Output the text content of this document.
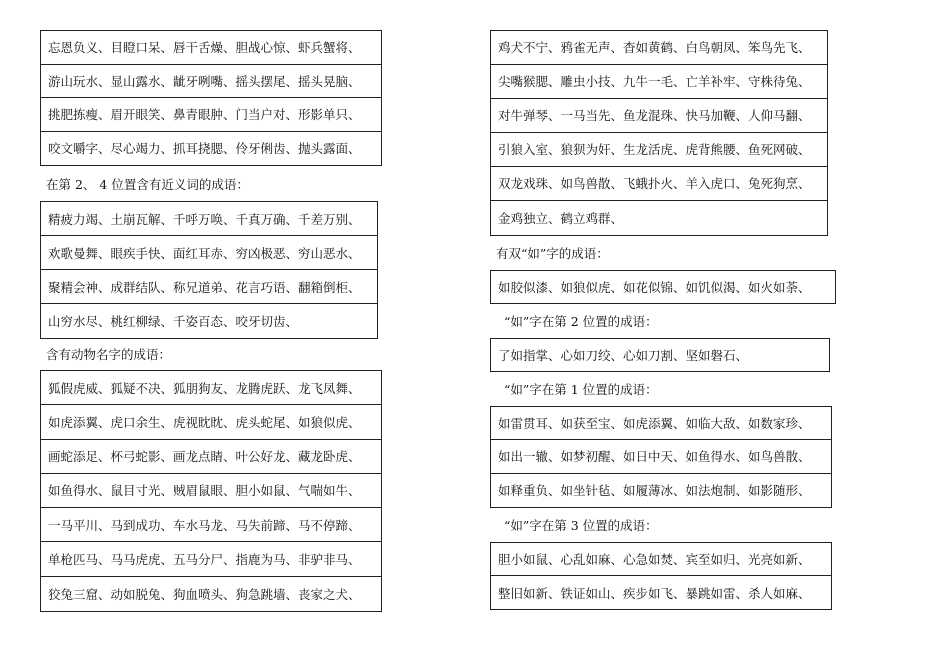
忘恩负义、目瞪口呆、唇干舌燥、胆战心惊、虾兵蟹将、
游山玩水、显山露水、龇牙咧嘴、摇头摆尾、摇头晃脑、
挑肥拣瘦、眉开眼笑、鼻青眼肿、门当户对、形影单只、
咬文嚼字、尽心竭力、抓耳挠腮、伶牙俐齿、抛头露面、
在第 2、 4 位置含有近义词的成语：
精疲力竭、土崩瓦解、千呼万唤、千真万确、千差万别、
欢歌曼舞、眼疾手快、面红耳赤、穷凶极恶、穷山恶水、
聚精会神、成群结队、称兄道弟、花言巧语、翻箱倒柜、
山穷水尽、桃红柳绿、千姿百态、咬牙切齿、
含有动物名字的成语：
狐假虎威、狐疑不决、狐朋狗友、龙腾虎跃、龙飞凤舞、
如虎添翼、虎口余生、虎视眈眈、虎头蛇尾、如狼似虎、
画蛇添足、杯弓蛇影、画龙点睛、叶公好龙、藏龙卧虎、
如鱼得水、鼠目寸光、贼眉鼠眼、胆小如鼠、气喘如牛、
一马平川、马到成功、车水马龙、马失前蹄、马不停蹄、
单枪匹马、马马虎虎、五马分尸、指鹿为马、非驴非马、
狡兔三窟、动如脱兔、狗血喷头、狗急跳墙、丧家之犬、
鸡犬不宁、鸦雀无声、杳如黄鹤、白鸟朝凤、笨鸟先飞、
尖嘴猴腮、雕虫小技、九牛一毛、亡羊补牢、守株待兔、
对牛弹琴、一马当先、鱼龙混珠、快马加鞭、人仰马翻、
引狼入室、狼狈为奸、生龙活虎、虎背熊腰、鱼死网破、
双龙戏珠、如鸟兽散、飞蛾扑火、羊入虎口、兔死狗烹、
金鸡独立、鹤立鸡群、
有双“如”字的成语：
如胶似漆、如狼似虎、如花似锦、如饥似渴、如火如荼、
“如”字在第 2 位置的成语：
了如指掌、心如刀绞、心如刀割、坚如磐石、
“如”字在第 1 位置的成语：
如雷贯耳、如获至宝、如虎添翼、如临大敌、如数家珍、
如出一辙、如梦初醒、如日中天、如鱼得水、如鸟兽散、
如释重负、如坐针毡、如履薄冰、如法炮制、如影随形、
“如”字在第 3 位置的成语：
胆小如鼠、心乱如麻、心急如焚、宾至如归、光亮如新、
整旧如新、铁证如山、疾步如飞、暴跳如雷、杀人如麻、
